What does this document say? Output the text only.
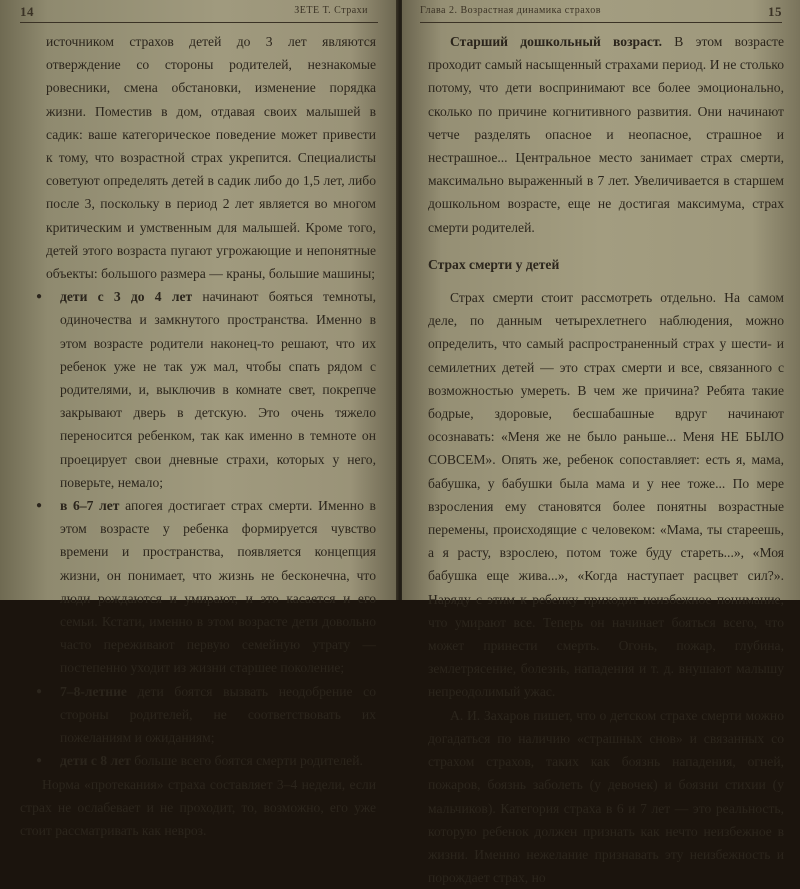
14	ЗЕТЕ Т. Страхи

источником страхов детей до 3 лет являются отверждение со стороны родителей, незнакомые ровесники, смена обстановки, изменение порядка жизни. Поместив в дом, отдавая своих малышей в садик: ваше категорическое поведение может привести к тому, что возрастной страх укрепится. Специалисты советуют определять детей в садик либо до 1,5 лет, либо после 3, поскольку в период 2 лет является во многом критическим и умственным для малышей. Кроме того, детей этого возраста пугают угрожающие и непонятные объекты: большого размера — краны, большие машины;

● дети с 3 до 4 лет начинают бояться темноты, одиночества и замкнутого пространства. Именно в этом возрасте родители наконец-то решают, что их ребенок уже не так уж мал, чтобы спать рядом с родителями, и, выключив в комнате свет, покрепче закрывают дверь в детскую. Это очень тяжело переносится ребенком, так как именно в темноте он проецирует свои дневные страхи, которых у него, поверьте, немало;

● в 6–7 лет апогея достигает страх смерти. Именно в этом возрасте у ребенка формируется чувство времени и пространства, появляется концепция жизни, он понимает, что жизнь не бесконечна, что люди рождаются и умирают, и это касается и его семьи. Кстати, именно в этом возрасте дети довольно часто переживают первую семейную утрату — постепенно уходит из жизни старшее поколение;

● 7–8-летние дети боятся вызвать неодобрение со стороны родителей, не соответствовать их пожеланиям и ожиданиям;

● дети с 8 лет больше всего боятся смерти родителей.

Норма «протекания» страха составляет 3–4 недели, если страх не ослабевает и не проходит, то, возможно, его уже стоит рассматривать как невроз.

Глава 2. Возрастная динамика страхов	15

Старший дошкольный возраст. В этом возрасте проходит самый насыщенный страхами период. И не столько потому, что дети воспринимают все более эмоционально, сколько по причине когнитивного развития. Они начинают четче разделять опасное и неопасное, страшное и нестрашное... Центральное место занимает страх смерти, максимально выраженный в 7 лет. Увеличивается в старшем дошкольном возрасте, еще не достигая максимума, страх смерти родителей.

Страх смерти у детей

Страх смерти стоит рассмотреть отдельно. На самом деле, по данным четырехлетнего наблюдения, можно определить, что самый распространенный страх у шести- и семилетних детей — это страх смерти и все, связанного с возможностью умереть. В чем же причина? Ребята такие бодрые, здоровые, бесшабашные вдруг начинают осознавать: «Меня же не было раньше... Меня НЕ БЫЛО СОВСЕМ». Опять же, ребенок сопоставляет: есть я, мама, бабушка, у бабушки была мама и у нее тоже... По мере взросления ему становятся более понятны возрастные перемены, происходящие с человеком: «Мама, ты стареешь, а я расту, взрослею, потом тоже буду стареть...», «Моя бабушка еще жива...», «Когда наступает расцвет сил?». Наряду с этим к ребенку приходит неизбежное понимание, что умирают все. Теперь он начинает бояться всего, что может принести смерть. Огонь, пожар, глубина, землетрясение, болезнь, нападения и т. д. внушают малышу непреодолимый ужас.

А. И. Захаров пишет, что о детском страхе смерти можно догадаться по наличию «страшных снов» и связанных со страхом страхов, таких как боязнь нападения, огней, пожаров, боязнь заболеть (у девочек) и боязни стихии (у мальчиков). Категория страха в 6 и 7 лет — это реальность, которую ребенок должен признать как нечто неизбежное в жизни. Именно нежелание признавать эту неизбежность и порождает страх, но
